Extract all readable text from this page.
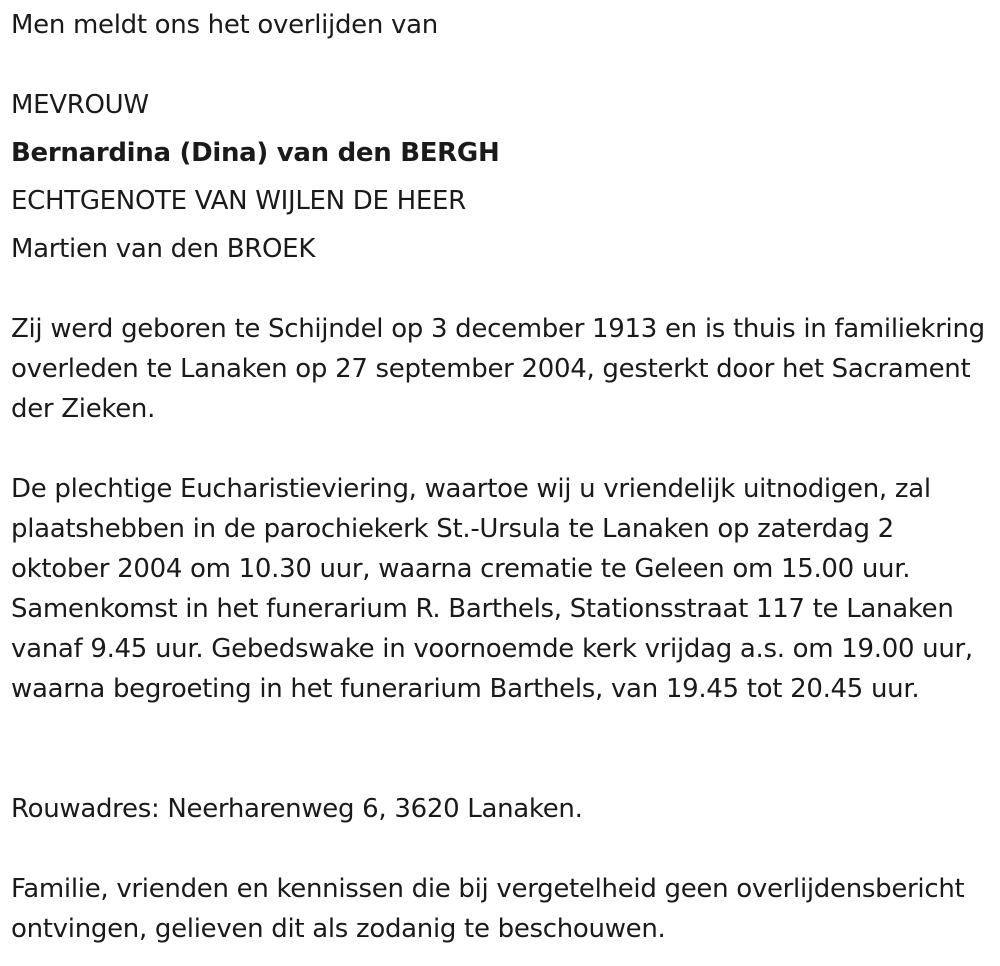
Men meldt ons het overlijden van
MEVROUW
Bernardina (Dina) van den BERGH
ECHTGENOTE VAN WIJLEN DE HEER
Martien van den BROEK

Zij werd geboren te Schijndel op 3 december 1913 en is thuis in familiekring overleden te Lanaken op 27 september 2004, gesterkt door het Sacrament der Zieken.

De plechtige Eucharistieviering, waartoe wij u vriendelijk uitnodigen, zal plaatshebben in de parochiekerk St.-Ursula te Lanaken op zaterdag 2 oktober 2004 om 10.30 uur, waarna crematie te Geleen om 15.00 uur. Samenkomst in het funerarium R. Barthels, Stationsstraat 117 te Lanaken vanaf 9.45 uur. Gebedswake in voornoemde kerk vrijdag a.s. om 19.00 uur, waarna begroeting in het funerarium Barthels, van 19.45 tot 20.45 uur.

Rouwadres: Neerharenweg 6, 3620 Lanaken.

Familie, vrienden en kennissen die bij vergetelheid geen overlijdensbericht ontvingen, gelieven dit als zodanig te beschouwen.
